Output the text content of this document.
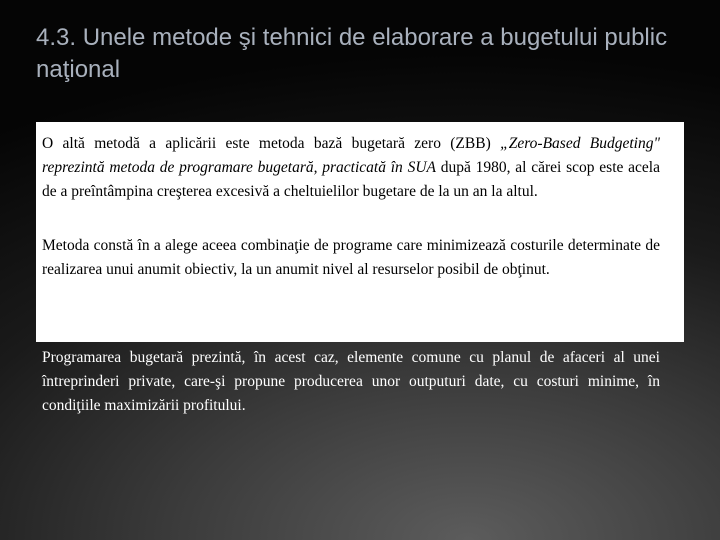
4.3. Unele metode şi tehnici de elaborare a bugetului public naţional

O altă metodă a aplicării este metoda bază bugetară zero (ZBB) „Zero-Based Budgeting" reprezintă metoda de programare bugetară, practicată în SUA după 1980, al cărei scop este acela de a preîntâmpina creşterea excesivă a cheltuielilor bugetare de la un an la altul.

Metoda constă în a alege aceea combinaţie de programe care minimizează costurile determinate de realizarea unui anumit obiectiv, la un anumit nivel al resurselor posibil de obţinut.

Programarea bugetară prezintă, în acest caz, elemente comune cu planul de afaceri al unei întreprinderi private, care-şi propune producerea unor outputuri date, cu costuri minime, în condiţiile maximizării profitului.
